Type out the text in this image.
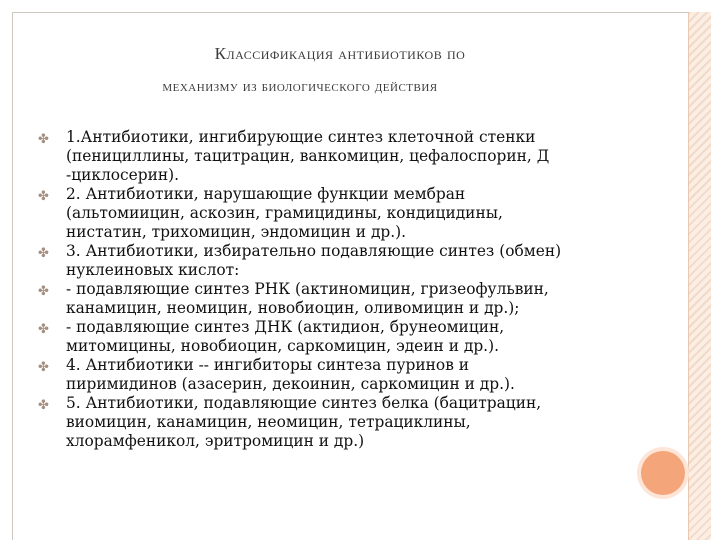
Классификация антибиотиков по
механизму из биологического действия
✤ 1.Антибиотики, ингибирующие синтез клеточной стенки
(пенициллины, тацитрацин, ванкомицин, цефалоспорин, Д
-циклосерин).
✤ 2. Антибиотики, нарушающие функции мембран
(альтомиицин, аскозин, грамицидины, кондицидины,
нистатин, трихомицин, эндомицин и др.).
✤ 3. Антибиотики, избирательно подавляющие синтез (обмен)
нуклеиновых кислот:
✤ - подавляющие синтез РНК (актиномицин, гризеофульвин,
канамицин, неомицин, новобиоцин, оливомицин и др.);
✤ - подавляющие синтез ДНК (актидион, брунеомицин,
митомицины, новобиоцин, саркомицин, эдеин и др.).
✤ 4. Антибиотики -- ингибиторы синтеза пуринов и
пиримидинов (азасерин, декоинин, саркомицин и др.).
✤ 5. Антибиотики, подавляющие синтез белка (бацитрацин,
виомицин, канамицин, неомицин, тетрациклины,
хлорамфеникол, эритромицин и др.)
